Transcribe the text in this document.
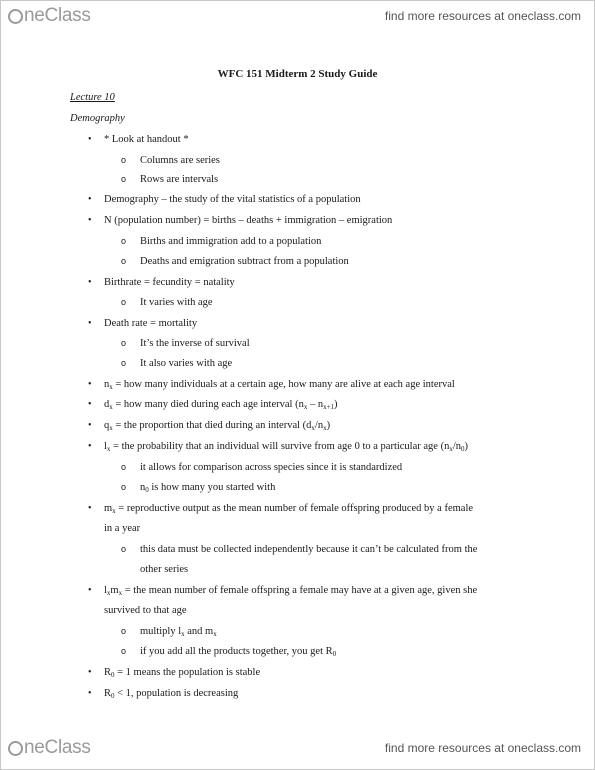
neClass	find more resources at oneclass.com
WFC 151 Midterm 2 Study Guide
Lecture 10
Demography
• * Look at handout *
o	Columns are series
o	Rows are intervals
• Demography – the study of the vital statistics of a population
• N (population number) = births – deaths + immigration – emigration
o	Births and immigration add to a population
o	Deaths and emigration subtract from a population
• Birthrate = fecundity = natality
o	It varies with age
• Death rate = mortality
o	It’s the inverse of survival
o	It also varies with age
• $n_x$ = how many individuals at a certain age, how many are alive at each age interval
• $d_x$ = how many died during each age interval $(n_x - n_{x+1})$
• $q_x$ = the proportion that died during an interval $(d_x/n_x)$
• $l_x$ = the probability that an individual will survive from age 0 to a particular age $(n_x/n_0)$
o	it allows for comparison across species since it is standardized
o	$n_0$ is how many you started with
• $m_x$ = reproductive output as the mean number of female offspring produced by a female
in a year
o	this data must be collected independently because it can’t be calculated from the
other series
• $l_xm_x$ = the mean number of female offspring a female may have at a given age, given she
survived to that age
o	multiply $l_x$ and $m_x$
o	if you add all the products together, you get $R_0$
• $R_0 = 1$ means the population is stable
• $R_0 < 1$, population is decreasing
neClass	find more resources at oneclass.com
